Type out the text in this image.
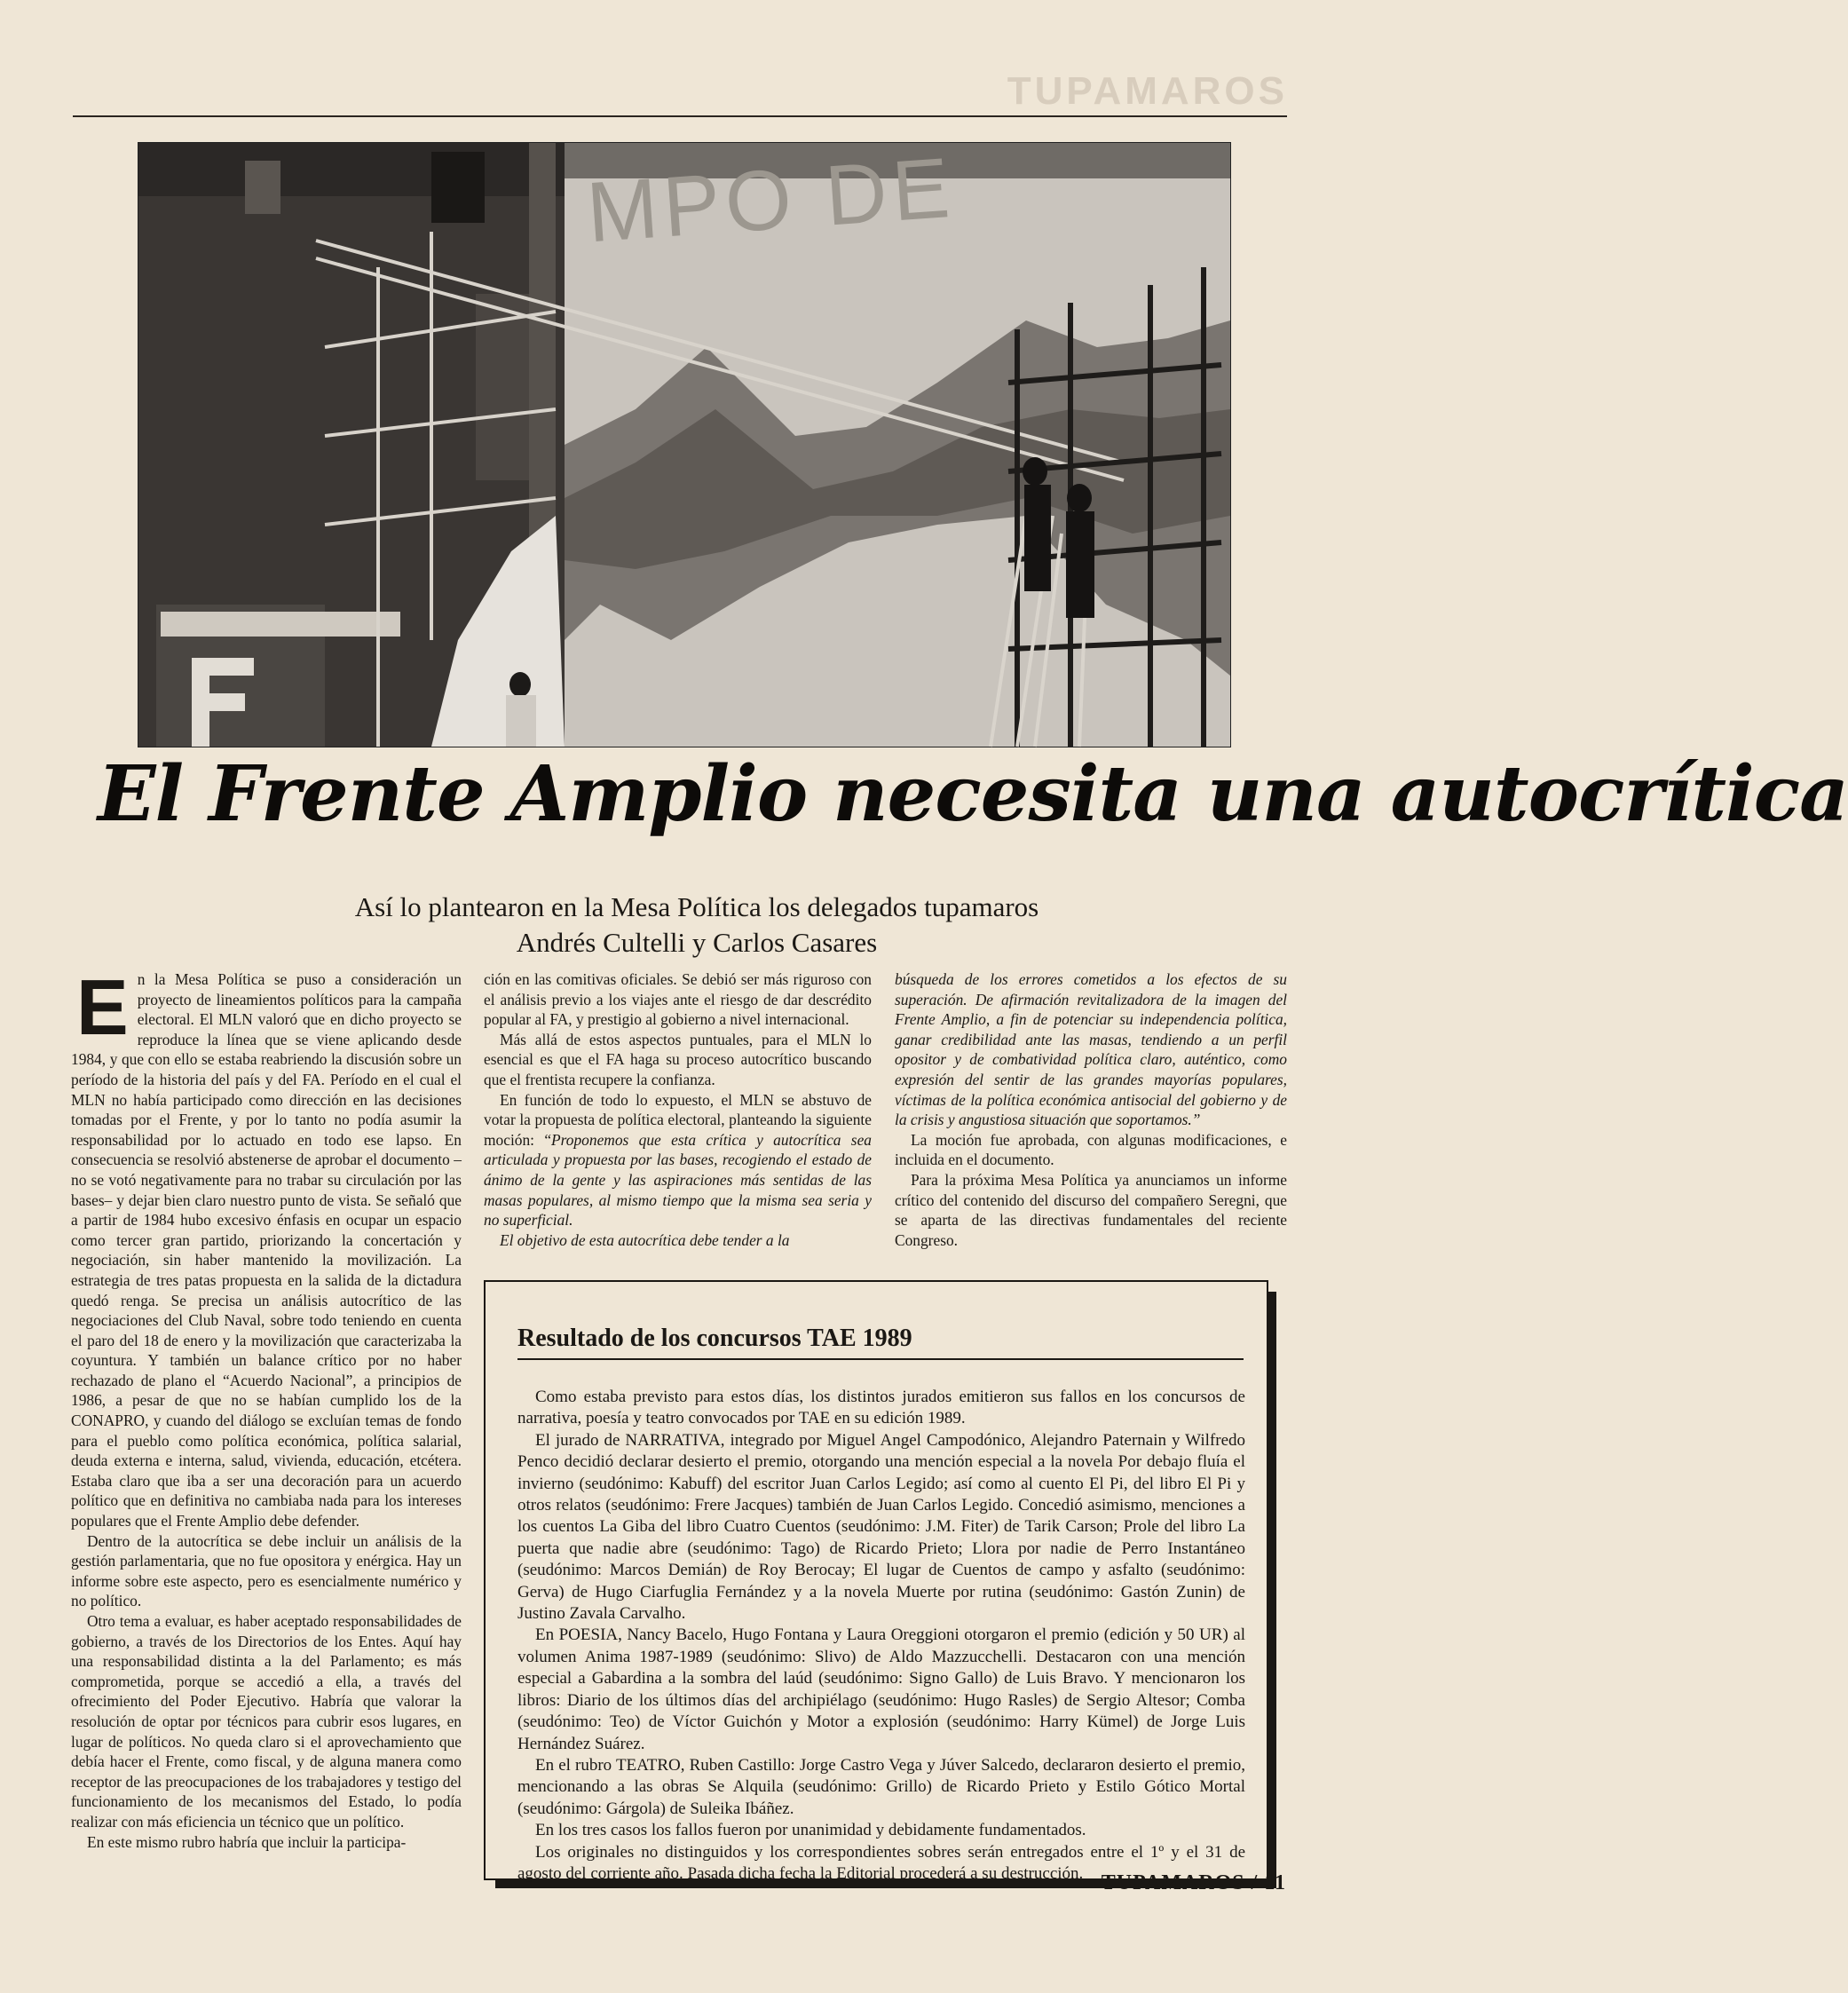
TUPAMAROS
MPO DE
El Frente Amplio necesita una autocrítica
Así lo plantearon en la Mesa Política los delegados tupamaros
Andrés Cultelli y Carlos Casares

En la Mesa Política se puso a consideración un proyecto de lineamientos políticos para la campaña electoral. El MLN valoró que en dicho proyecto se reproduce la línea que se viene aplicando desde 1984, y que con ello se estaba reabriendo la discusión sobre un período de la historia del país y del FA. Período en el cual el MLN no había participado como dirección en las decisiones tomadas por el Frente, y por lo tanto no podía asumir la responsabilidad por lo actuado en todo ese lapso. En consecuencia se resolvió abstenerse de aprobar el documento –no se votó negativamente para no trabar su circulación por las bases– y dejar bien claro nuestro punto de vista. Se señaló que a partir de 1984 hubo excesivo énfasis en ocupar un espacio como tercer gran partido, priorizando la concertación y negociación, sin haber mantenido la movilización. La estrategia de tres patas propuesta en la salida de la dictadura quedó renga. Se precisa un análisis autocrítico de las negociaciones del Club Naval, sobre todo teniendo en cuenta el paro del 18 de enero y la movilización que caracterizaba la coyuntura. Y también un balance crítico por no haber rechazado de plano el “Acuerdo Nacional”, a principios de 1986, a pesar de que no se habían cumplido los de la CONAPRO, y cuando del diálogo se excluían temas de fondo para el pueblo como política económica, política salarial, deuda externa e interna, salud, vivienda, educación, etcétera. Estaba claro que iba a ser una decoración para un acuerdo político que en definitiva no cambiaba nada para los intereses populares que el Frente Amplio debe defender.

Dentro de la autocrítica se debe incluir un análisis de la gestión parlamentaria, que no fue opositora y enérgica. Hay un informe sobre este aspecto, pero es esencialmente numérico y no político.

Otro tema a evaluar, es haber aceptado responsabilidades de gobierno, a través de los Directorios de los Entes. Aquí hay una responsabilidad distinta a la del Parlamento; es más comprometida, porque se accedió a ella, a través del ofrecimiento del Poder Ejecutivo. Habría que valorar la resolución de optar por técnicos para cubrir esos lugares, en lugar de políticos. No queda claro si el aprovechamiento que debía hacer el Frente, como fiscal, y de alguna manera como receptor de las preocupaciones de los trabajadores y testigo del funcionamiento de los mecanismos del Estado, lo podía realizar con más eficiencia un técnico que un político.

En este mismo rubro habría que incluir la participa-

ción en las comitivas oficiales. Se debió ser más riguroso con el análisis previo a los viajes ante el riesgo de dar descrédito popular al FA, y prestigio al gobierno a nivel internacional.

Más allá de estos aspectos puntuales, para el MLN lo esencial es que el FA haga su proceso autocrítico buscando que el frentista recupere la confianza.

En función de todo lo expuesto, el MLN se abstuvo de votar la propuesta de política electoral, planteando la siguiente moción: “Proponemos que esta crítica y autocrítica sea articulada y propuesta por las bases, recogiendo el estado de ánimo de la gente y las aspiraciones más sentidas de las masas populares, al mismo tiempo que la misma sea seria y no superficial.

El objetivo de esta autocrítica debe tender a la

búsqueda de los errores cometidos a los efectos de su superación. De afirmación revitalizadora de la imagen del Frente Amplio, a fin de potenciar su independencia política, ganar credibilidad ante las masas, tendiendo a un perfil opositor y de combatividad política claro, auténtico, como expresión del sentir de las grandes mayorías populares, víctimas de la política económica antisocial del gobierno y de la crisis y angustiosa situación que soportamos.”

La moción fue aprobada, con algunas modificaciones, e incluida en el documento.

Para la próxima Mesa Política ya anunciamos un informe crítico del contenido del discurso del compañero Seregni, que se aparta de las directivas fundamentales del reciente Congreso.

Resultado de los concursos TAE 1989

Como estaba previsto para estos días, los distintos jurados emitieron sus fallos en los concursos de narrativa, poesía y teatro convocados por TAE en su edición 1989.

El jurado de NARRATIVA, integrado por Miguel Angel Campodónico, Alejandro Paternain y Wilfredo Penco decidió declarar desierto el premio, otorgando una mención especial a la novela Por debajo fluía el invierno (seudónimo: Kabuff) del escritor Juan Carlos Legido; así como al cuento El Pi, del libro El Pi y otros relatos (seudónimo: Frere Jacques) también de Juan Carlos Legido. Concedió asimismo, menciones a los cuentos La Giba del libro Cuatro Cuentos (seudónimo: J.M. Fiter) de Tarik Carson; Prole del libro La puerta que nadie abre (seudónimo: Tago) de Ricardo Prieto; Llora por nadie de Perro Instantáneo (seudónimo: Marcos Demián) de Roy Berocay; El lugar de Cuentos de campo y asfalto (seudónimo: Gerva) de Hugo Ciarfuglia Fernández y a la novela Muerte por rutina (seudónimo: Gastón Zunin) de Justino Zavala Carvalho.

En POESIA, Nancy Bacelo, Hugo Fontana y Laura Oreggioni otorgaron el premio (edición y 50 UR) al volumen Anima 1987-1989 (seudónimo: Slivo) de Aldo Mazzucchelli. Destacaron con una mención especial a Gabardina a la sombra del laúd (seudónimo: Signo Gallo) de Luis Bravo. Y mencionaron los libros: Diario de los últimos días del archipiélago (seudónimo: Hugo Rasles) de Sergio Altesor; Comba (seudónimo: Teo) de Víctor Guichón y Motor a explosión (seudónimo: Harry Kümel) de Jorge Luis Hernández Suárez.

En el rubro TEATRO, Ruben Castillo: Jorge Castro Vega y Júver Salcedo, declararon desierto el premio, mencionando a las obras Se Alquila (seudónimo: Grillo) de Ricardo Prieto y Estilo Gótico Mortal (seudónimo: Gárgola) de Suleika Ibáñez.

En los tres casos los fallos fueron por unanimidad y debidamente fundamentados.

Los originales no distinguidos y los correspondientes sobres serán entregados entre el 1º y el 31 de agosto del corriente año. Pasada dicha fecha la Editorial procederá a su destrucción. TUPAMAROS / 11
